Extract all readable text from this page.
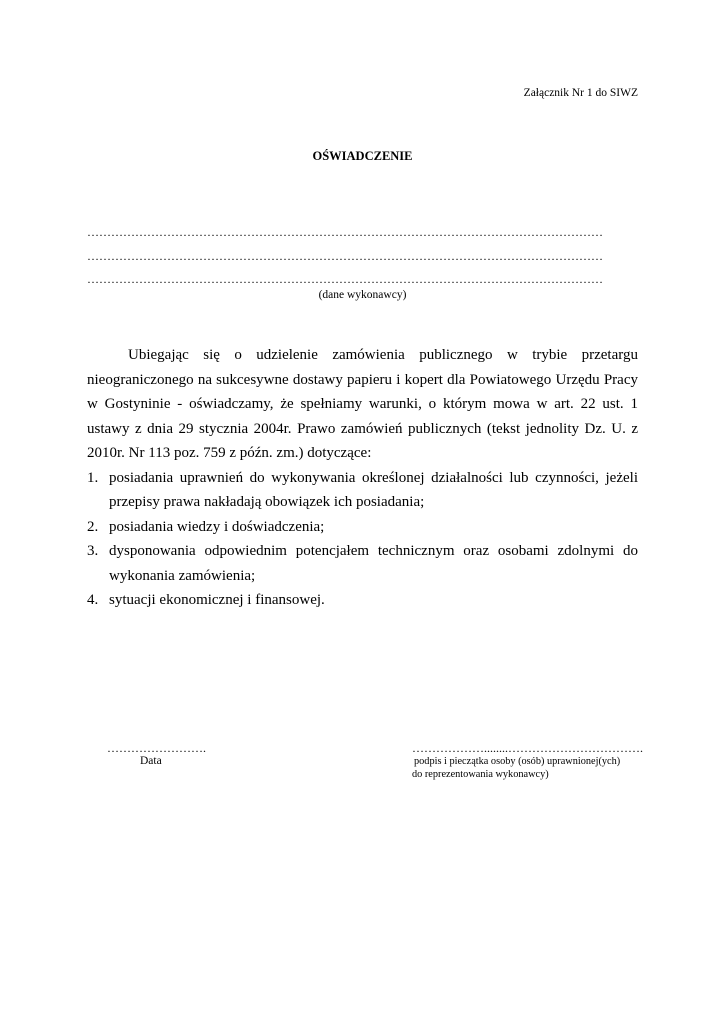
Załącznik Nr 1 do SIWZ
OŚWIADCZENIE
…………………………………………………………………………………………………………………
…………………………………………………………………………………………………………………
…………………………………………………………………………………………………………………
(dane wykonawcy)

Ubiegając się o udzielenie zamówienia publicznego w trybie przetargu nieograniczonego na sukcesywne dostawy papieru i kopert dla Powiatowego Urzędu Pracy w Gostyninie - oświadczamy, że spełniamy warunki, o którym mowa w art. 22 ust. 1 ustawy z dnia 29 stycznia 2004r. Prawo zamówień publicznych (tekst jednolity Dz. U. z 2010r. Nr 113 poz. 759 z późn. zm.) dotyczące:

1. posiadania uprawnień do wykonywania określonej działalności lub czynności, jeżeli przepisy prawa nakładają obowiązek ich posiadania;
2. posiadania wiedzy i doświadczenia;
3. dysponowania odpowiednim potencjałem technicznym oraz osobami zdolnymi do wykonania zamówienia;
4. sytuacji ekonomicznej i finansowej.
…………………….
Data
………………........…………………………….
podpis i pieczątka osoby (osób) uprawnionej(ych)
do reprezentowania wykonawcy)
